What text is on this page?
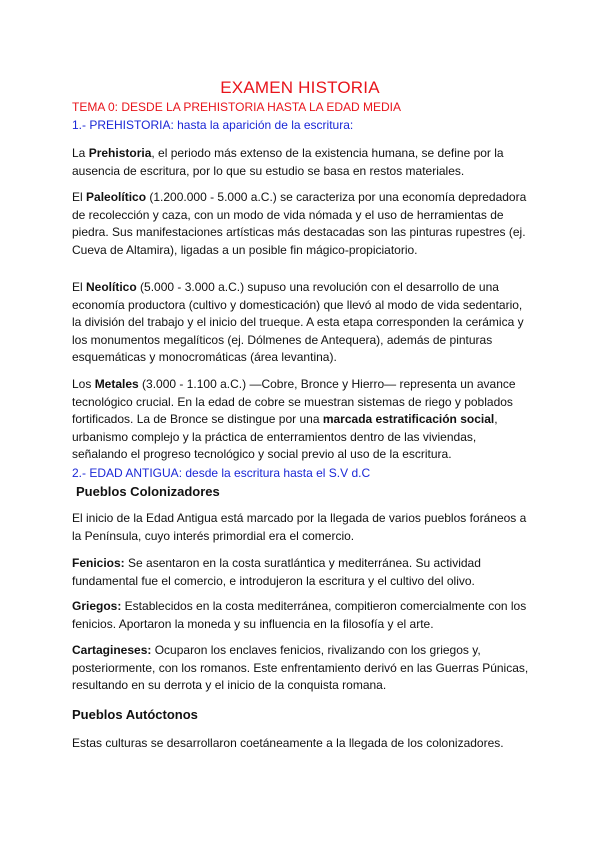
EXAMEN HISTORIA
TEMA 0: DESDE LA PREHISTORIA HASTA LA EDAD MEDIA
1.- PREHISTORIA: hasta la aparición de la escritura:

La Prehistoria, el periodo más extenso de la existencia humana, se define por la ausencia de escritura, por lo que su estudio se basa en restos materiales.

El Paleolítico (1.200.000 - 5.000 a.C.) se caracteriza por una economía depredadora de recolección y caza, con un modo de vida nómada y el uso de herramientas de piedra. Sus manifestaciones artísticas más destacadas son las pinturas rupestres (ej. Cueva de Altamira), ligadas a un posible fin mágico-propiciatorio.

El Neolítico (5.000 - 3.000 a.C.) supuso una revolución con el desarrollo de una economía productora (cultivo y domesticación) que llevó al modo de vida sedentario, la división del trabajo y el inicio del trueque. A esta etapa corresponden la cerámica y los monumentos megalíticos (ej. Dólmenes de Antequera), además de pinturas esquemáticas y monocromáticas (área levantina).

Los Metales (3.000 - 1.100 a.C.) —Cobre, Bronce y Hierro— representa un avance tecnológico crucial. En la edad de cobre se muestran sistemas de riego y poblados fortificados. La de Bronce se distingue por una marcada estratificación social, urbanismo complejo y la práctica de enterramientos dentro de las viviendas, señalando el progreso tecnológico y social previo al uso de la escritura.

2.- EDAD ANTIGUA: desde la escritura hasta el S.V d.C
Pueblos Colonizadores

El inicio de la Edad Antigua está marcado por la llegada de varios pueblos foráneos a la Península, cuyo interés primordial era el comercio.

Fenicios: Se asentaron en la costa suratlántica y mediterránea. Su actividad fundamental fue el comercio, e introdujeron la escritura y el cultivo del olivo.

Griegos: Establecidos en la costa mediterránea, compitieron comercialmente con los fenicios. Aportaron la moneda y su influencia en la filosofía y el arte.

Cartagineses: Ocuparon los enclaves fenicios, rivalizando con los griegos y, posteriormente, con los romanos. Este enfrentamiento derivó en las Guerras Púnicas, resultando en su derrota y el inicio de la conquista romana.

Pueblos Autóctonos

Estas culturas se desarrollaron coetáneamente a la llegada de los colonizadores.
